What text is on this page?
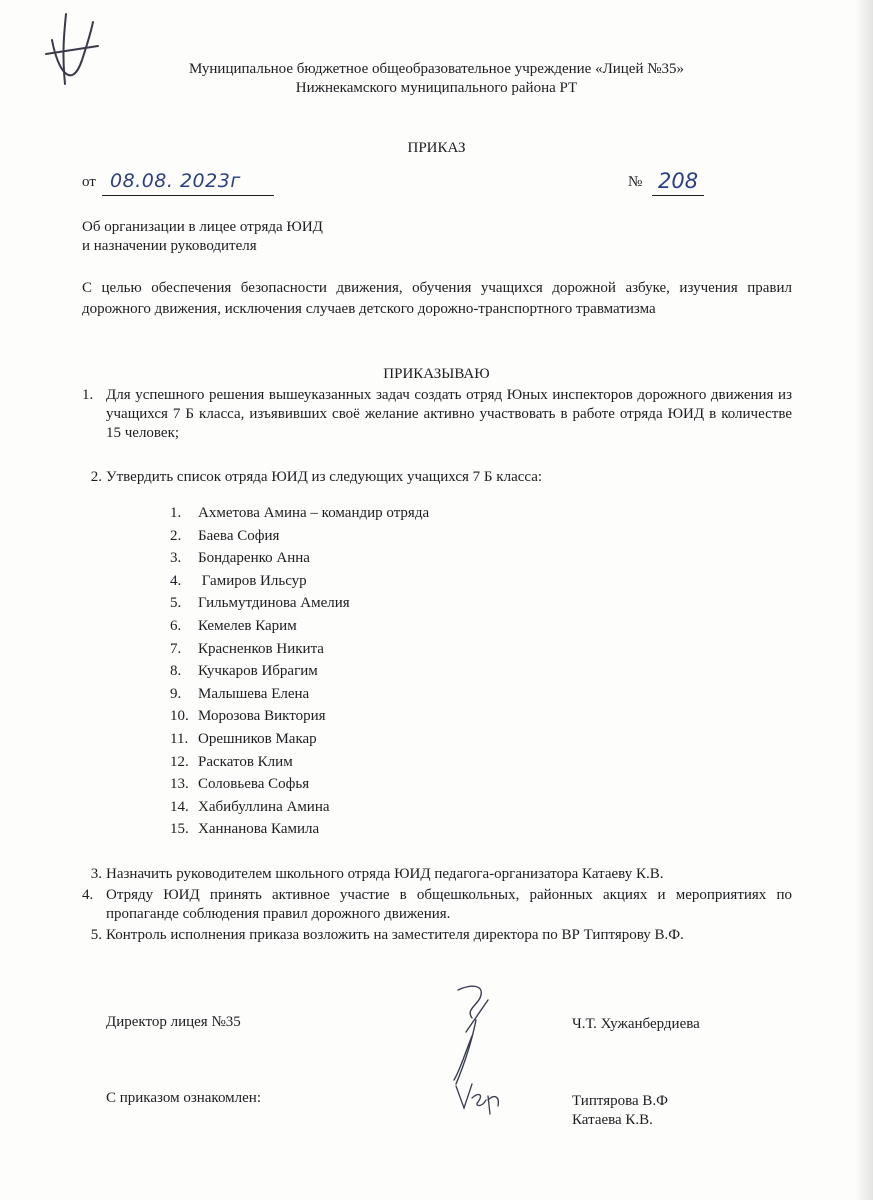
Муниципальное бюджетное общеобразовательное учреждение «Лицей №35»
Нижнекамского муниципального района РТ
ПРИКАЗ
от 08.08. 2023г	№ 208
Об организации в лицее отряда ЮИД
и назначении руководителя
С целью обеспечения безопасности движения, обучения учащихся дорожной азбуке, изучения правил дорожного движения, исключения случаев детского дорожно-транспортного травматизма
ПРИКАЗЫВАЮ
1. Для успешного решения вышеуказанных задач создать отряд Юных инспекторов дорожного движения из учащихся 7 Б класса, изъявивших своё желание активно участвовать в работе отряда ЮИД в количестве 15 человек;
2. Утвердить список отряда ЮИД из следующих учащихся 7 Б класса:
1. Ахметова Амина – командир отряда
2. Баева София
3. Бондаренко Анна
4. Гамиров Ильсур
5. Гильмутдинова Амелия
6. Кемелев Карим
7. Красненков Никита
8. Кучкаров Ибрагим
9. Малышева Елена
10. Морозова Виктория
11. Орешников Макар
12. Раскатов Клим
13. Соловьева Софья
14. Хабибуллина Амина
15. Ханнанова Камила
3. Назначить руководителем школьного отряда ЮИД педагога-организатора Катаеву К.В.
4. Отряду ЮИД принять активное участие в общешкольных, районных акциях и мероприятиях по пропаганде соблюдения правил дорожного движения.
5. Контроль исполнения приказа возложить на заместителя директора по ВР Типтярову В.Ф.
Директор лицея №35	Ч.Т. Хужанбердиева
С приказом ознакомлен:	Типтярова В.Ф
Катаева К.В.
